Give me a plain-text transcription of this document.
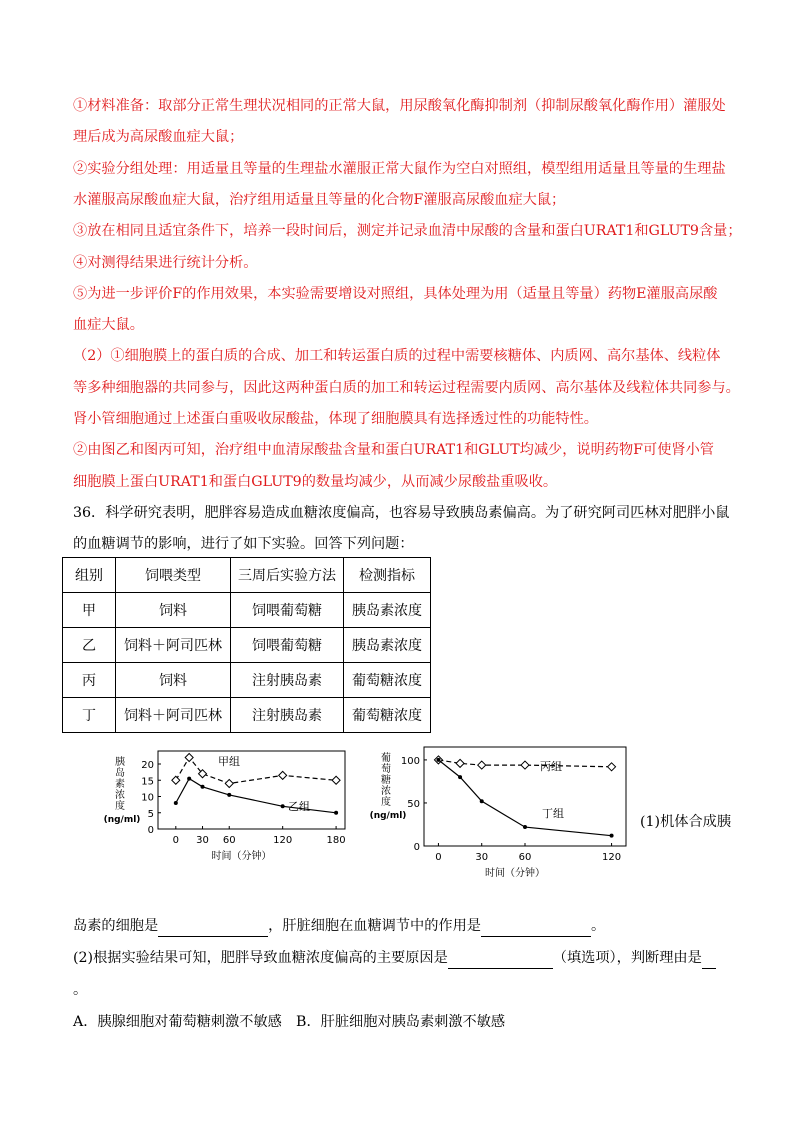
①材料准备：取部分正常生理状况相同的正常大鼠，用尿酸氧化酶抑制剂（抑制尿酸氧化酶作用）灌服处
理后成为高尿酸血症大鼠；
②实验分组处理：用适量且等量的生理盐水灌服正常大鼠作为空白对照组，模型组用适量且等量的生理盐
水灌服高尿酸血症大鼠，治疗组用适量且等量的化合物F灌服高尿酸血症大鼠；
③放在相同且适宜条件下，培养一段时间后，测定并记录血清中尿酸的含量和蛋白URAT1和GLUT9含量；
④对测得结果进行统计分析。
⑤为进一步评价F的作用效果，本实验需要增设对照组，具体处理为用（适量且等量）药物E灌服高尿酸
血症大鼠。
（2）①细胞膜上的蛋白质的合成、加工和转运蛋白质的过程中需要核糖体、内质网、高尔基体、线粒体
等多种细胞器的共同参与，因此这两种蛋白质的加工和转运过程需要内质网、高尔基体及线粒体共同参与。
肾小管细胞通过上述蛋白重吸收尿酸盐，体现了细胞膜具有选择透过性的功能特性。
②由图乙和图丙可知，治疗组中血清尿酸盐含量和蛋白URAT1和GLUT均减少，说明药物F可使肾小管
细胞膜上蛋白URAT1和蛋白GLUT9的数量均减少，从而减少尿酸盐重吸收。
36．科学研究表明，肥胖容易造成血糖浓度偏高，也容易导致胰岛素偏高。为了研究阿司匹林对肥胖小鼠
的血糖调节的影响，进行了如下实验。回答下列问题：
组别	饲喂类型	三周后实验方法	检测指标
甲	饲料	饲喂葡萄糖	胰岛素浓度
乙	饲料＋阿司匹林	饲喂葡萄糖	胰岛素浓度
丙	饲料	注射胰岛素	葡萄糖浓度
丁	饲料＋阿司匹林	注射胰岛素	葡萄糖浓度
胰
岛
素
浓
度
(ng/ml)
0
5
10
15
20
0 30 60	120	180
时间（分钟）
甲组
乙组
葡
萄
糖
浓
度
(ng/ml)
0
50
100
0	30	60	120
时间（分钟）
丙组
丁组
(1)机体合成胰
岛素的细胞是	，肝脏细胞在血糖调节中的作用是	。
(2)根据实验结果可知，肥胖导致血糖浓度偏高的主要原因是	（填选项），判断理由是
。
A．胰腺细胞对葡萄糖刺激不敏感　B．肝脏细胞对胰岛素刺激不敏感
